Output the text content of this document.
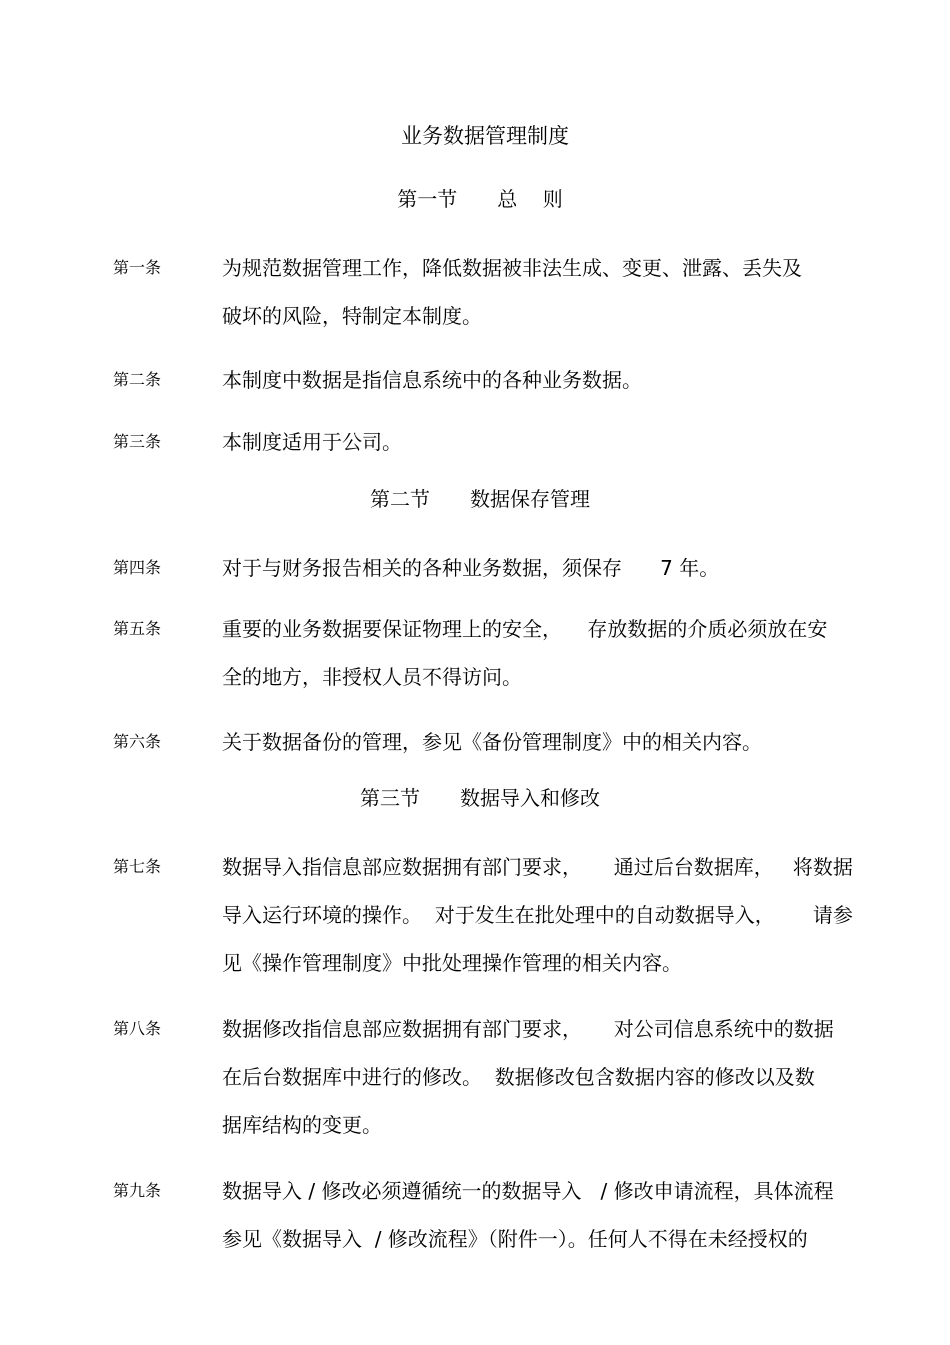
业务数据管理制度
第一节 总    则
第一条	为规范数据管理工作，降低数据被非法生成、变更、泄露、丢失及
破坏的风险，特制定本制度。
第二条	本制度中数据是指信息系统中的各种业务数据。
第三条	本制度适用于公司。
第二节 数据保存管理
第四条	对于与财务报告相关的各种业务数据，须保存      7 年。
第五条	重要的业务数据要保证物理上的安全，    存放数据的介质必须放在安
全的地方，非授权人员不得访问。
第六条	关于数据备份的管理，参见《备份管理制度》中的相关内容。
第三节 数据导入和修改
第七条	数据导入指信息部应数据拥有部门要求，     通过后台数据库，   将数据
导入运行环境的操作。  对于发生在批处理中的自动数据导入，      请参
见《操作管理制度》中批处理操作管理的相关内容。
第八条	数据修改指信息部应数据拥有部门要求，     对公司信息系统中的数据
在后台数据库中进行的修改。  数据修改包含数据内容的修改以及数
据库结构的变更。
第九条	数据导入 / 修改必须遵循统一的数据导入   / 修改申请流程，具体流程
参见《数据导入  / 修改流程》（附件一）。任何人不得在未经授权的
